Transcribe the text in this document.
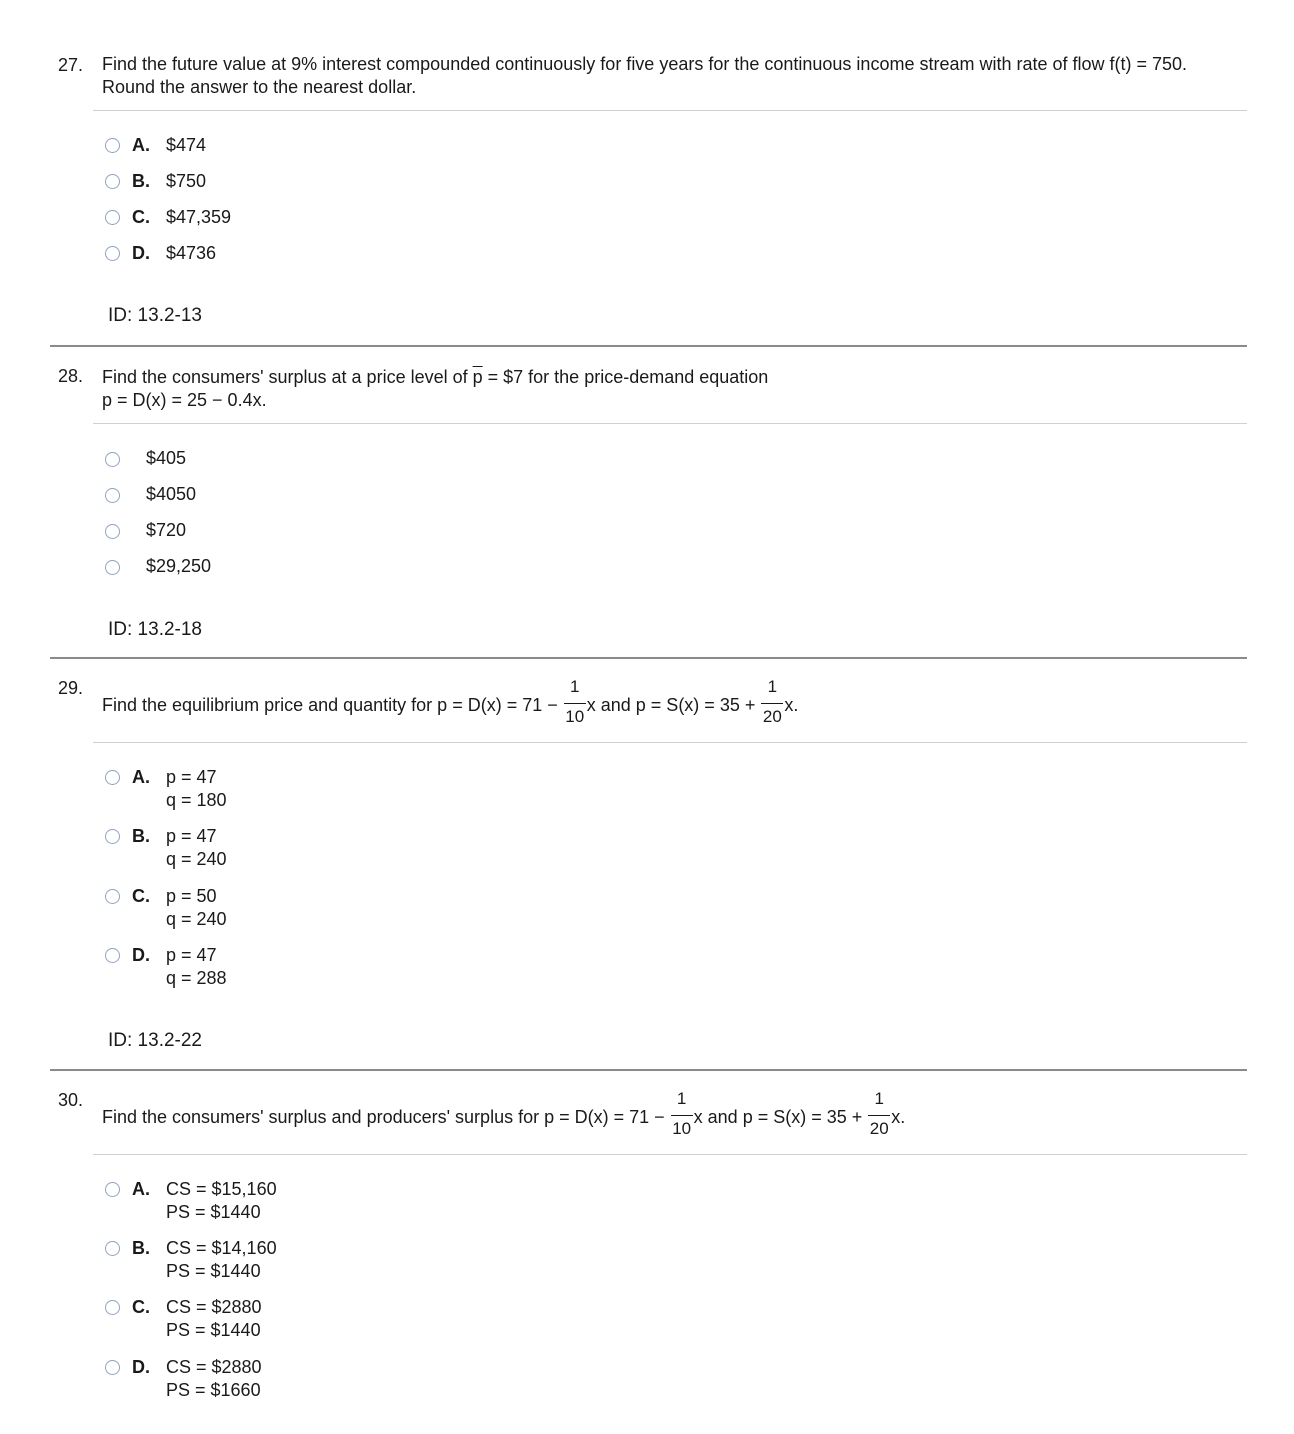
27. Find the future value at 9% interest compounded continuously for five years for the continuous income stream with rate of flow f(t) = 750.
Round the answer to the nearest dollar.
A. $474
B. $750
C. $47,359
D. $4736
ID: 13.2-13
28. Find the consumers' surplus at a price level of $\overline{p}$ = $7 for the price-demand equation
p = D(x) = 25 − 0.4x.
$405
$4050
$720
$29,250
ID: 13.2-18
29.
Find the equilibrium price and quantity for $p = D(x) = 71 - \frac{1}{10}$ x and $p = S(x) = 35 + \frac{1}{20} x$.
A. p = 47
q = 180
B. p = 47
q = 240
C. p = 50
q = 240
D. p = 47
q = 288
ID: 13.2-22
30.
Find the consumers' surplus and producers' surplus for $p = D(x) = 71 - \frac{1}{10}$ x and $p = S(x) = 35 + \frac{1}{20} x$.
A. CS = $15,160
PS = $1440
B. CS = $14,160
PS = $1440
C. CS = $2880
PS = $1440
D. CS = $2880
PS = $1660
